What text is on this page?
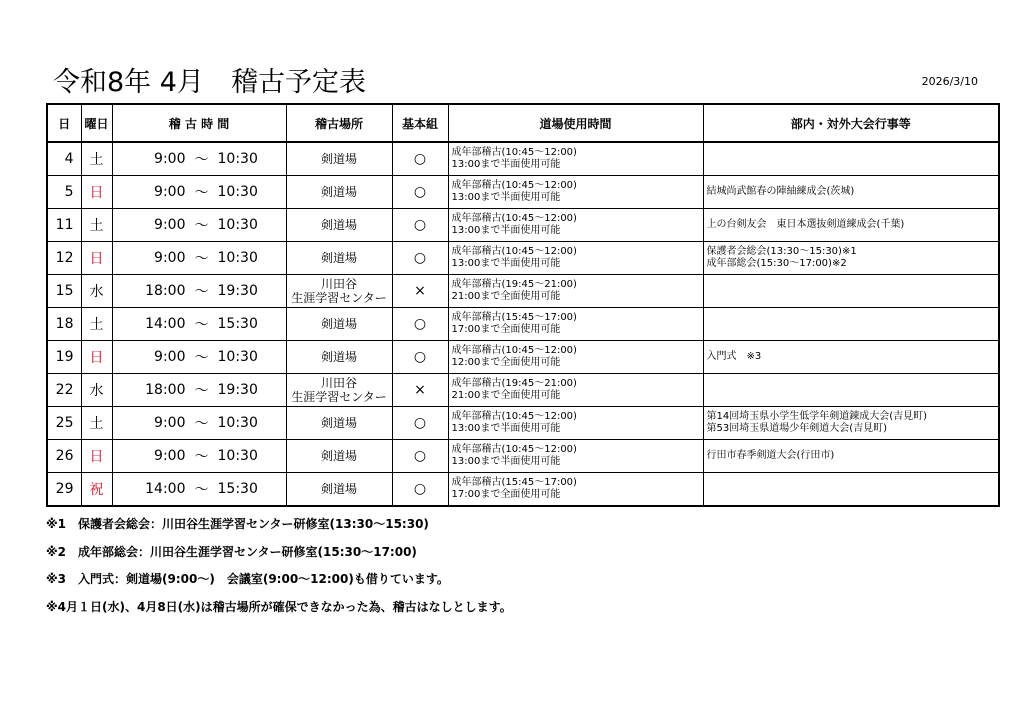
令和8年 4月　稽古予定表	2026/3/10
日	曜日	稽 古 時 間	稽古場所	基本組	道場使用時間	部内・対外大会行事等
4	土	9:00 ～ 10:30	剣道場	○	成年部稽古(10:45～12:00)
13:00まで半面使用可能	

5	日	9:00 ～ 10:30	剣道場	○	成年部稽古(10:45～12:00)
13:00まで半面使用可能	結城尚武館春の陣紬練成会(茨城)

11	土	9:00 ～ 10:30	剣道場	○	成年部稽古(10:45～12:00)
13:00まで半面使用可能	上の台剣友会　東日本選抜剣道練成会(千葉)

12	日	9:00 ～ 10:30	剣道場	○	成年部稽古(10:45～12:00)
13:00まで半面使用可能	保護者会総会(13:30～15:30)※1
成年部総会(15:30～17:00)※2

15	水	18:00 ～ 19:30	川田谷
生涯学習センター	×	成年部稽古(19:45～21:00)
21:00まで全面使用可能	

18	土	14:00 ～ 15:30	剣道場	○	成年部稽古(15:45～17:00)
17:00まで全面使用可能	

19	日	9:00 ～ 10:30	剣道場	○	成年部稽古(10:45～12:00)
12:00まで全面使用可能	入門式　※3

22	水	18:00 ～ 19:30	川田谷
生涯学習センター	×	成年部稽古(19:45～21:00)
21:00まで全面使用可能	

25	土	9:00 ～ 10:30	剣道場	○	成年部稽古(10:45～12:00)
13:00まで半面使用可能	第14回埼玉県小学生低学年剣道錬成大会(吉見町)
第53回埼玉県道場少年剣道大会(吉見町)

26	日	9:00 ～ 10:30	剣道場	○	成年部稽古(10:45～12:00)
13:00まで半面使用可能	行田市春季剣道大会(行田市)

29	祝	14:00 ～ 15:30	剣道場	○	成年部稽古(15:45～17:00)
17:00まで全面使用可能	

※1　保護者会総会：川田谷生涯学習センター研修室(13:30～15:30)
※2　成年部総会：川田谷生涯学習センター研修室(15:30～17:00)
※3　入門式：剣道場(9:00～)　会議室(9:00～12:00)も借りています。
※4月１日(水)、4月8日(水)は稽古場所が確保できなかった為、稽古はなしとします。
